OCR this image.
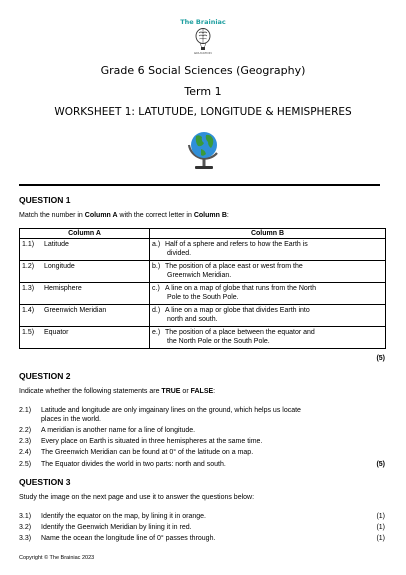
The Brainiac
EDUCATION
Grade 6 Social Sciences (Geography)
Term 1
WORKSHEET 1: LATUTUDE, LONGITUDE & HEMISPHERES
QUESTION 1
Match the number in Column A with the correct letter in Column B:
Column A	Column B
1.1) Latitude	a.) Half of a sphere and refers to how the Earth is
divided.
1.2) Longitude	b.) The position of a place east or west from the
Greenwich Meridian.
1.3) Hemisphere	c.) A line on a map of globe that runs from the North
Pole to the South Pole.
1.4) Greenwich Meridian	d.) A line on a map or globe that divides Earth into
north and south.
1.5) Equator	e.) The position of a place between the equator and
the North Pole or the South Pole.
(5)
QUESTION 2
Indicate whether the following statements are TRUE or FALSE:
2.1) Latitude and longitude are only imgainary lines on the ground, which helps us locate
places in the world.
2.2) A meridian is another name for a line of longitude.
2.3) Every place on Earth is situated in three hemispheres at the same time.
2.4) The Greenwich Meridian can be found at 0° of the latitude on a map.
2.5) The Equator divides the world in two parts: north and south.	(5)
QUESTION 3
Study the image on the next page and use it to answer the questions below:
3.1) Identify the equator on the map, by lining it in orange.	(1)
3.2) Identify the Geenwich Meridian by lining it in red.	(1)
3.3) Name the ocean the longitude line of 0° passes through.	(1)
Copyright © The Brainiac 2023
